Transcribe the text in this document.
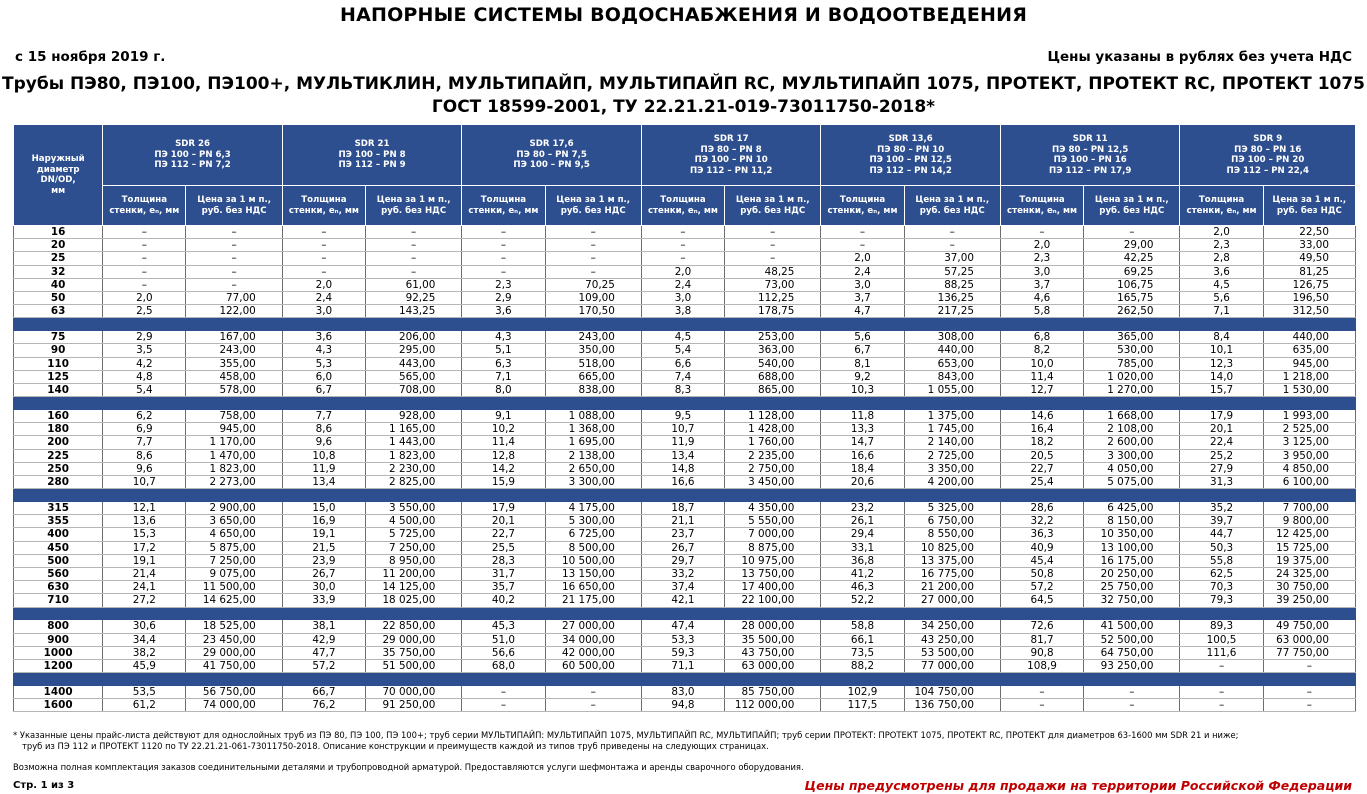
НАПОРНЫЕ СИСТЕМЫ ВОДОСНАБЖЕНИЯ И ВОДООТВЕДЕНИЯ
с 15 ноября 2019 г.	Цены указаны в рублях без учета НДС
Трубы ПЭ80, ПЭ100, ПЭ100+, МУЛЬТИКЛИН, МУЛЬТИПАЙП, МУЛЬТИПАЙП RC, МУЛЬТИПАЙП 1075, ПРОТЕКТ, ПРОТЕКТ RC, ПРОТЕКТ 1075
ГОСТ 18599-2001, ТУ 22.21.21-019-73011750-2018*
Наружный
диаметр
DN/OD,
мм	SDR 26
ПЭ 100 – PN 6,3
ПЭ 112 – PN 7,2		SDR 21
ПЭ 100 – PN 8
ПЭ 112 – PN 9		SDR 17,6
ПЭ 80 – PN 7,5
ПЭ 100 – PN 9,5		SDR 17
ПЭ 80 – PN 8
ПЭ 100 – PN 10
ПЭ 112 – PN 11,2		SDR 13,6
ПЭ 80 – PN 10
ПЭ 100 – PN 12,5
ПЭ 112 – PN 14,2		SDR 11
ПЭ 80 – PN 12,5
ПЭ 100 – PN 16
ПЭ 112 – PN 17,9		SDR 9
ПЭ 80 – PN 16
ПЭ 100 – PN 20
ПЭ 112 – PN 22,4	
	Толщина
стенки, eₙ, мм	Цена за 1 м п.,
руб. без НДС	Толщина
стенки, eₙ, мм	Цена за 1 м п.,
руб. без НДС	Толщина
стенки, eₙ, мм	Цена за 1 м п.,
руб. без НДС	Толщина
стенки, eₙ, мм	Цена за 1 м п.,
руб. без НДС	Толщина
стенки, eₙ, мм	Цена за 1 м п.,
руб. без НДС	Толщина
стенки, eₙ, мм	Цена за 1 м п.,
руб. без НДС	Толщина
стенки, eₙ, мм	Цена за 1 м п.,
руб. без НДС
16	–	–	–	–	–	–	–	–	–	–	–	–	2,0	22,50
20	–	–	–	–	–	–	–	–	–	–	2,0	29,00	2,3	33,00
25	–	–	–	–	–	–	–	–	2,0	37,00	2,3	42,25	2,8	49,50
32	–	–	–	–	–	–	2,0	48,25	2,4	57,25	3,0	69,25	3,6	81,25
40	–	–	2,0	61,00	2,3	70,25	2,4	73,00	3,0	88,25	3,7	106,75	4,5	126,75
50	2,0	77,00	2,4	92,25	2,9	109,00	3,0	112,25	3,7	136,25	4,6	165,75	5,6	196,50
63	2,5	122,00	3,0	143,25	3,6	170,50	3,8	178,75	4,7	217,25	5,8	262,50	7,1	312,50

75	2,9	167,00	3,6	206,00	4,3	243,00	4,5	253,00	5,6	308,00	6,8	365,00	8,4	440,00
90	3,5	243,00	4,3	295,00	5,1	350,00	5,4	363,00	6,7	440,00	8,2	530,00	10,1	635,00
110	4,2	355,00	5,3	443,00	6,3	518,00	6,6	540,00	8,1	653,00	10,0	785,00	12,3	945,00
125	4,8	458,00	6,0	565,00	7,1	665,00	7,4	688,00	9,2	843,00	11,4	1 020,00	14,0	1 218,00
140	5,4	578,00	6,7	708,00	8,0	838,00	8,3	865,00	10,3	1 055,00	12,7	1 270,00	15,7	1 530,00

160	6,2	758,00	7,7	928,00	9,1	1 088,00	9,5	1 128,00	11,8	1 375,00	14,6	1 668,00	17,9	1 993,00
180	6,9	945,00	8,6	1 165,00	10,2	1 368,00	10,7	1 428,00	13,3	1 745,00	16,4	2 108,00	20,1	2 525,00
200	7,7	1 170,00	9,6	1 443,00	11,4	1 695,00	11,9	1 760,00	14,7	2 140,00	18,2	2 600,00	22,4	3 125,00
225	8,6	1 470,00	10,8	1 823,00	12,8	2 138,00	13,4	2 235,00	16,6	2 725,00	20,5	3 300,00	25,2	3 950,00
250	9,6	1 823,00	11,9	2 230,00	14,2	2 650,00	14,8	2 750,00	18,4	3 350,00	22,7	4 050,00	27,9	4 850,00
280	10,7	2 273,00	13,4	2 825,00	15,9	3 300,00	16,6	3 450,00	20,6	4 200,00	25,4	5 075,00	31,3	6 100,00

315	12,1	2 900,00	15,0	3 550,00	17,9	4 175,00	18,7	4 350,00	23,2	5 325,00	28,6	6 425,00	35,2	7 700,00
355	13,6	3 650,00	16,9	4 500,00	20,1	5 300,00	21,1	5 550,00	26,1	6 750,00	32,2	8 150,00	39,7	9 800,00
400	15,3	4 650,00	19,1	5 725,00	22,7	6 725,00	23,7	7 000,00	29,4	8 550,00	36,3	10 350,00	44,7	12 425,00
450	17,2	5 875,00	21,5	7 250,00	25,5	8 500,00	26,7	8 875,00	33,1	10 825,00	40,9	13 100,00	50,3	15 725,00
500	19,1	7 250,00	23,9	8 950,00	28,3	10 500,00	29,7	10 975,00	36,8	13 375,00	45,4	16 175,00	55,8	19 375,00
560	21,4	9 075,00	26,7	11 200,00	31,7	13 150,00	33,2	13 750,00	41,2	16 775,00	50,8	20 250,00	62,5	24 325,00
630	24,1	11 500,00	30,0	14 125,00	35,7	16 650,00	37,4	17 400,00	46,3	21 200,00	57,2	25 750,00	70,3	30 750,00
710	27,2	14 625,00	33,9	18 025,00	40,2	21 175,00	42,1	22 100,00	52,2	27 000,00	64,5	32 750,00	79,3	39 250,00

800	30,6	18 525,00	38,1	22 850,00	45,3	27 000,00	47,4	28 000,00	58,8	34 250,00	72,6	41 500,00	89,3	49 750,00
900	34,4	23 450,00	42,9	29 000,00	51,0	34 000,00	53,3	35 500,00	66,1	43 250,00	81,7	52 500,00	100,5	63 000,00
1000	38,2	29 000,00	47,7	35 750,00	56,6	42 000,00	59,3	43 750,00	73,5	53 500,00	90,8	64 750,00	111,6	77 750,00
1200	45,9	41 750,00	57,2	51 500,00	68,0	60 500,00	71,1	63 000,00	88,2	77 000,00	108,9	93 250,00	–	–

1400	53,5	56 750,00	66,7	70 000,00	–	–	83,0	85 750,00	102,9	104 750,00	–	–	–	–
1600	61,2	74 000,00	76,2	91 250,00	–	–	94,8	112 000,00	117,5	136 750,00	–	–	–	–
* Указанные цены прайс-листа действуют для однослойных труб из ПЭ 80, ПЭ 100, ПЭ 100+; труб серии МУЛЬТИПАЙП: МУЛЬТИПАЙП 1075, МУЛЬТИПАЙП RC, МУЛЬТИПАЙП; труб серии ПРОТЕКТ: ПРОТЕКТ 1075, ПРОТЕКТ RC, ПРОТЕКТ для диаметров 63-1600 мм SDR 21 и ниже;
труб из ПЭ 112 и ПРОТЕКТ 1120 по ТУ 22.21.21-061-73011750-2018. Описание конструкции и преимуществ каждой из типов труб приведены на следующих страницах.
Возможна полная комплектация заказов соединительными деталями и трубопроводной арматурой. Предоставляются услуги шефмонтажа и аренды сварочного оборудования.
Стр. 1 из 3	Цены предусмотрены для продажи на территории Российской Федерации
